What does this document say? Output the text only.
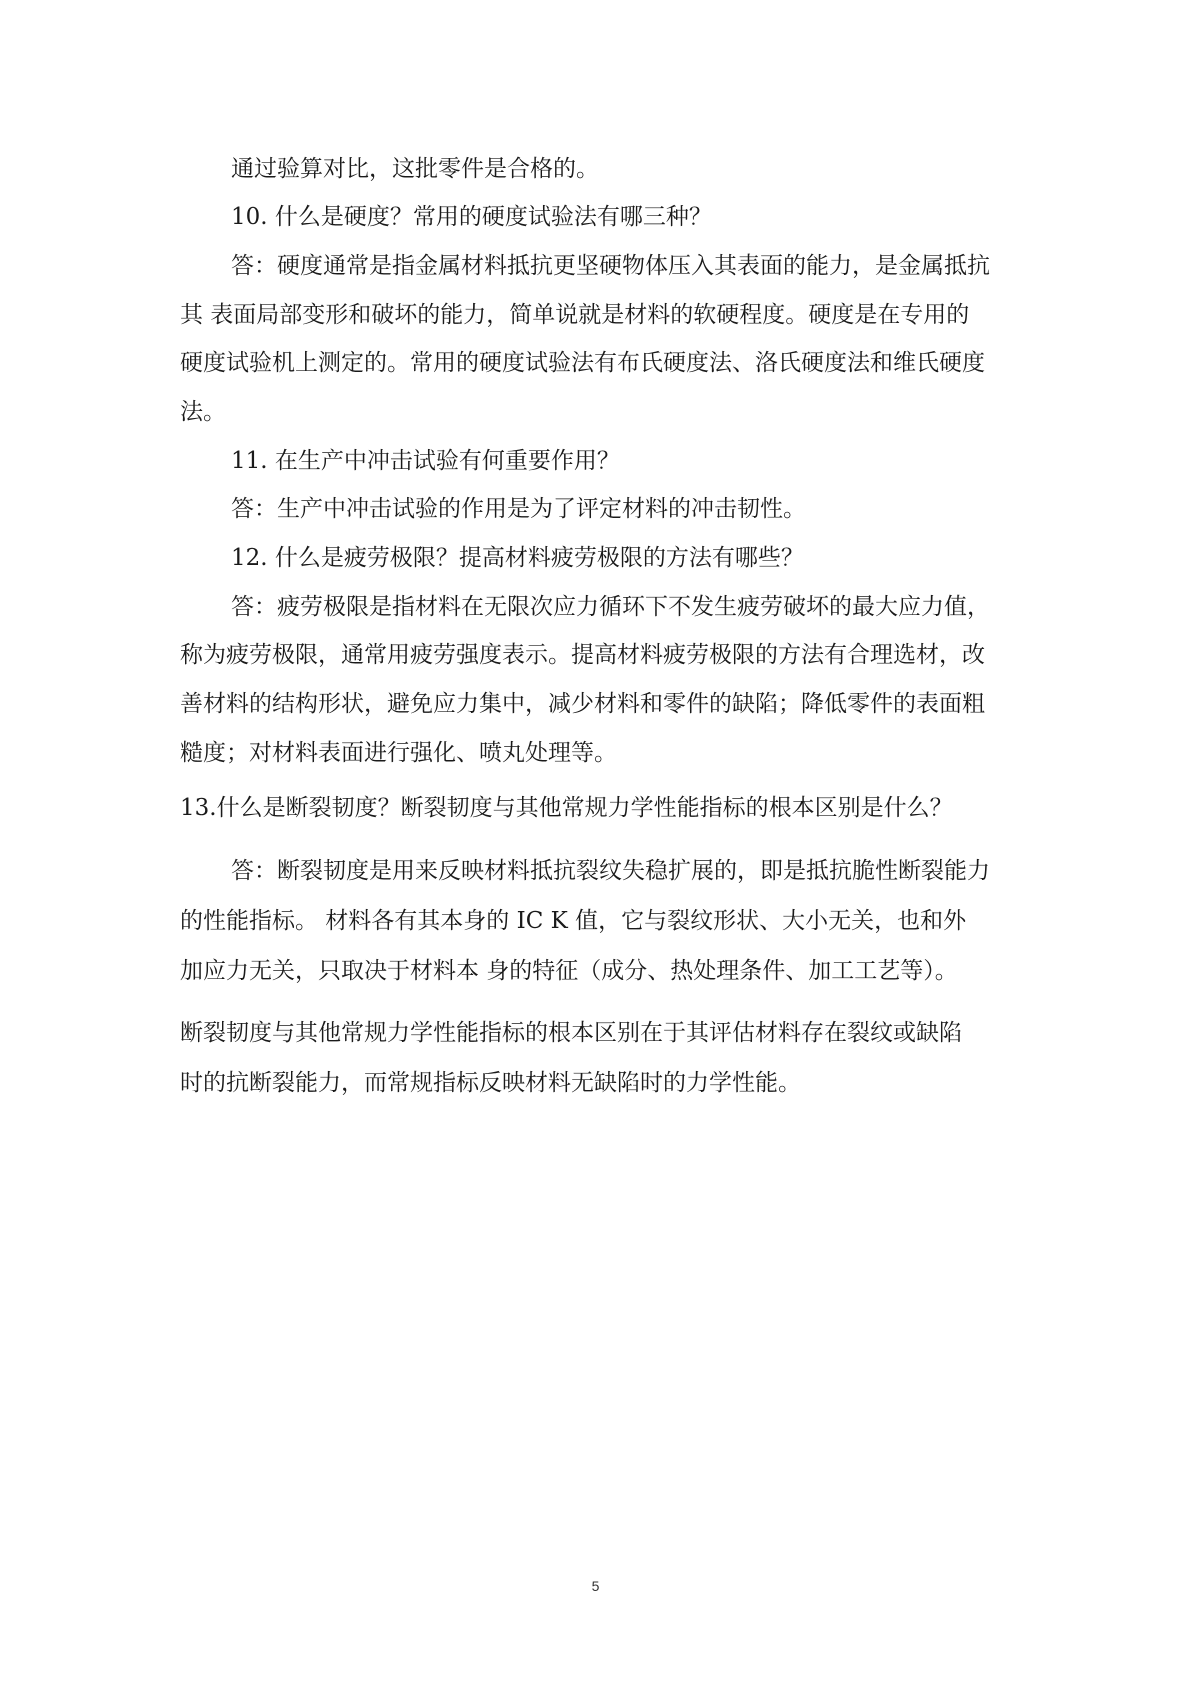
通过验算对比，这批零件是合格的。
10. 什么是硬度？常用的硬度试验法有哪三种？
答：硬度通常是指金属材料抵抗更坚硬物体压入其表面的能力，是金属抵抗
其 表面局部变形和破坏的能力，简单说就是材料的软硬程度。硬度是在专用的
硬度试验机上测定的。常用的硬度试验法有布氏硬度法、洛氏硬度法和维氏硬度
法。
11. 在生产中冲击试验有何重要作用？
答：生产中冲击试验的作用是为了评定材料的冲击韧性。
12. 什么是疲劳极限？提高材料疲劳极限的方法有哪些？
答：疲劳极限是指材料在无限次应力循环下不发生疲劳破坏的最大应力值，
称为疲劳极限，通常用疲劳强度表示。提高材料疲劳极限的方法有合理选材，改
善材料的结构形状，避免应力集中，减少材料和零件的缺陷；降低零件的表面粗
糙度；对材料表面进行强化、喷丸处理等。
13.什么是断裂韧度？断裂韧度与其他常规力学性能指标的根本区别是什么？
答：断裂韧度是用来反映材料抵抗裂纹失稳扩展的，即是抵抗脆性断裂能力
的性能指标。 材料各有其本身的 IC K 值，它与裂纹形状、大小无关，也和外
加应力无关，只取决于材料本 身的特征（成分、热处理条件、加工工艺等）。
断裂韧度与其他常规力学性能指标的根本区别在于其评估材料存在裂纹或缺陷
时的抗断裂能力，而常规指标反映材料无缺陷时的力学性能。
5
